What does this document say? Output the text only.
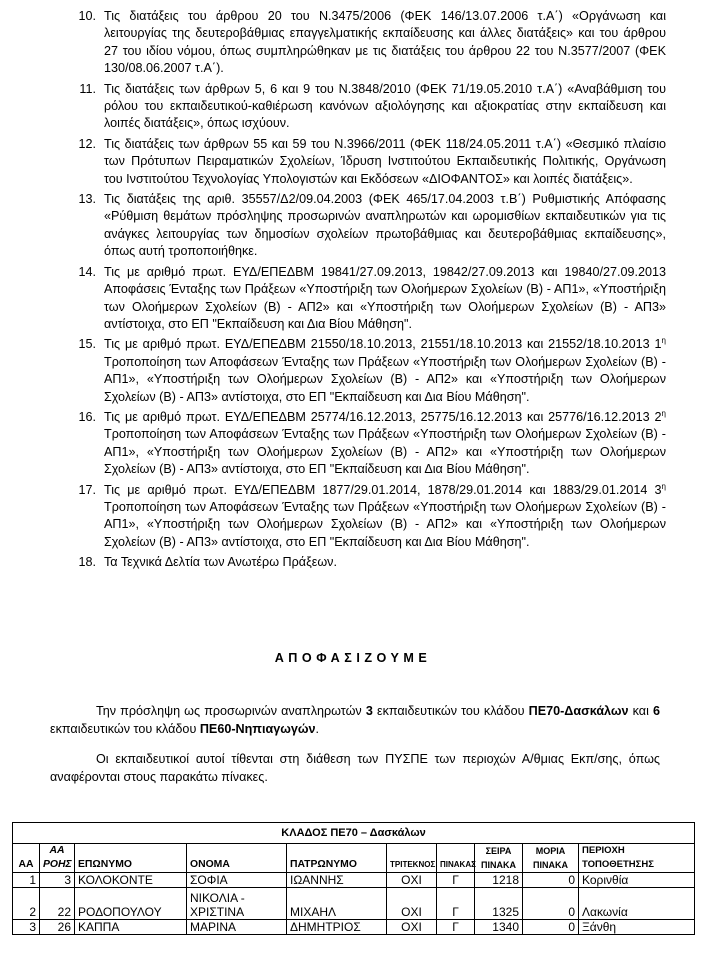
10. Τις διατάξεις του άρθρου 20 του Ν.3475/2006 (ΦΕΚ 146/13.07.2006 τ.Α΄) «Οργάνωση και λειτουργίας της δευτεροβάθμιας επαγγελματικής εκπαίδευσης και άλλες διατάξεις» και του άρθρου 27 του ιδίου νόμου, όπως συμπληρώθηκαν με τις διατάξεις του άρθρου 22 του Ν.3577/2007 (ΦΕΚ 130/08.06.2007 τ.Α΄).
11. Τις διατάξεις των άρθρων 5, 6 και 9 του Ν.3848/2010 (ΦΕΚ 71/19.05.2010 τ.Α΄) «Αναβάθμιση του ρόλου του εκπαιδευτικού-καθιέρωση κανόνων αξιολόγησης και αξιοκρατίας στην εκπαίδευση και λοιπές διατάξεις», όπως ισχύουν.
12. Τις διατάξεις των άρθρων 55 και 59 του Ν.3966/2011 (ΦΕΚ 118/24.05.2011 τ.Α΄) «Θεσμικό πλαίσιο των Πρότυπων Πειραματικών Σχολείων, Ίδρυση Ινστιτούτου Εκπαιδευτικής Πολιτικής, Οργάνωση του Ινστιτούτου Τεχνολογίας Υπολογιστών και Εκδόσεων «ΔΙΟΦΑΝΤΟΣ» και λοιπές διατάξεις».
13. Τις διατάξεις της αριθ. 35557/Δ2/09.04.2003 (ΦΕΚ 465/17.04.2003 τ.Β΄) Ρυθμιστικής Απόφασης «Ρύθμιση θεμάτων πρόσληψης προσωρινών αναπληρωτών και ωρομισθίων εκπαιδευτικών για τις ανάγκες λειτουργίας των δημοσίων σχολείων πρωτοβάθμιας και δευτεροβάθμιας εκπαίδευσης», όπως αυτή τροποποιήθηκε.
14. Τις με αριθμό πρωτ. ΕΥΔ/ΕΠΕΔΒΜ 19841/27.09.2013, 19842/27.09.2013 και 19840/27.09.2013 Αποφάσεις Ένταξης των Πράξεων «Υποστήριξη των Ολοήμερων Σχολείων (Β) - ΑΠ1», «Υποστήριξη των Ολοήμερων Σχολείων (Β) - ΑΠ2» και «Υποστήριξη των Ολοήμερων Σχολείων (Β) - ΑΠ3» αντίστοιχα, στο ΕΠ "Εκπαίδευση και Δια Βίου Μάθηση".
15. Τις με αριθμό πρωτ. ΕΥΔ/ΕΠΕΔΒΜ 21550/18.10.2013, 21551/18.10.2013 και 21552/18.10.2013 $1^\eta$ Τροποποίηση των Αποφάσεων Ένταξης των Πράξεων «Υποστήριξη των Ολοήμερων Σχολείων (Β) - ΑΠ1», «Υποστήριξη των Ολοήμερων Σχολείων (Β) - ΑΠ2» και «Υποστήριξη των Ολοήμερων Σχολείων (Β) - ΑΠ3» αντίστοιχα, στο ΕΠ "Εκπαίδευση και Δια Βίου Μάθηση".
16. Τις με αριθμό πρωτ. ΕΥΔ/ΕΠΕΔΒΜ 25774/16.12.2013, 25775/16.12.2013 και 25776/16.12.2013 $2^\eta$ Τροποποίηση των Αποφάσεων Ένταξης των Πράξεων «Υποστήριξη των Ολοήμερων Σχολείων (Β) - ΑΠ1», «Υποστήριξη των Ολοήμερων Σχολείων (Β) - ΑΠ2» και «Υποστήριξη των Ολοήμερων Σχολείων (Β) - ΑΠ3» αντίστοιχα, στο ΕΠ "Εκπαίδευση και Δια Βίου Μάθηση".
17. Τις με αριθμό πρωτ. ΕΥΔ/ΕΠΕΔΒΜ 1877/29.01.2014, 1878/29.01.2014 και 1883/29.01.2014 $3^\eta$ Τροποποίηση των Αποφάσεων Ένταξης των Πράξεων «Υποστήριξη των Ολοήμερων Σχολείων (Β) - ΑΠ1», «Υποστήριξη των Ολοήμερων Σχολείων (Β) - ΑΠ2» και «Υποστήριξη των Ολοήμερων Σχολείων (Β) - ΑΠ3» αντίστοιχα, στο ΕΠ "Εκπαίδευση και Δια Βίου Μάθηση".
18. Τα Τεχνικά Δελτία των Ανωτέρω Πράξεων.
ΑΠΟΦΑΣΙΖΟΥΜΕ
Την πρόσληψη ως προσωρινών αναπληρωτών 3 εκπαιδευτικών του κλάδου ΠΕ70-Δασκάλων και 6 εκπαιδευτικών του κλάδου ΠΕ60-Νηπιαγωγών.
Οι εκπαιδευτικοί αυτοί τίθενται στη διάθεση των ΠΥΣΠΕ των περιοχών Α/θμιας Εκπ/σης, όπως αναφέρονται στους παρακάτω πίνακες.
ΚΛΑΔΟΣ ΠΕ70 – Δασκάλων									
ΑΑ	ΑΑ ΡΟΗΣ	ΕΠΩΝΥΜΟ	ΟΝΟΜΑ	ΠΑΤΡΩΝΥΜΟ	ΤΡΙΤΕΚΝΟΣ	ΠΙΝΑΚΑΣ	ΣΕΙΡΑ ΠΙΝΑΚΑ	ΜΟΡΙΑ ΠΙΝΑΚΑ	ΠΕΡΙΟΧΗ ΤΟΠΟΘΕΤΗΣΗΣ
1	3	ΚΟΛΟΚΟΝΤΕ	ΣΟΦΙΑ	ΙΩΑΝΝΗΣ	ΟΧΙ	Γ	1218	0	Κορινθία
2	22	ΡΟΔΟΠΟΥΛΟΥ	ΝΙΚΟΛΙΑ - ΧΡΙΣΤΙΝΑ	ΜΙΧΑΗΛ	ΟΧΙ	Γ	1325	0	Λακωνία
3	26	ΚΑΠΠΑ	ΜΑΡΙΝΑ	ΔΗΜΗΤΡΙΟΣ	ΟΧΙ	Γ	1340	0	Ξάνθη
